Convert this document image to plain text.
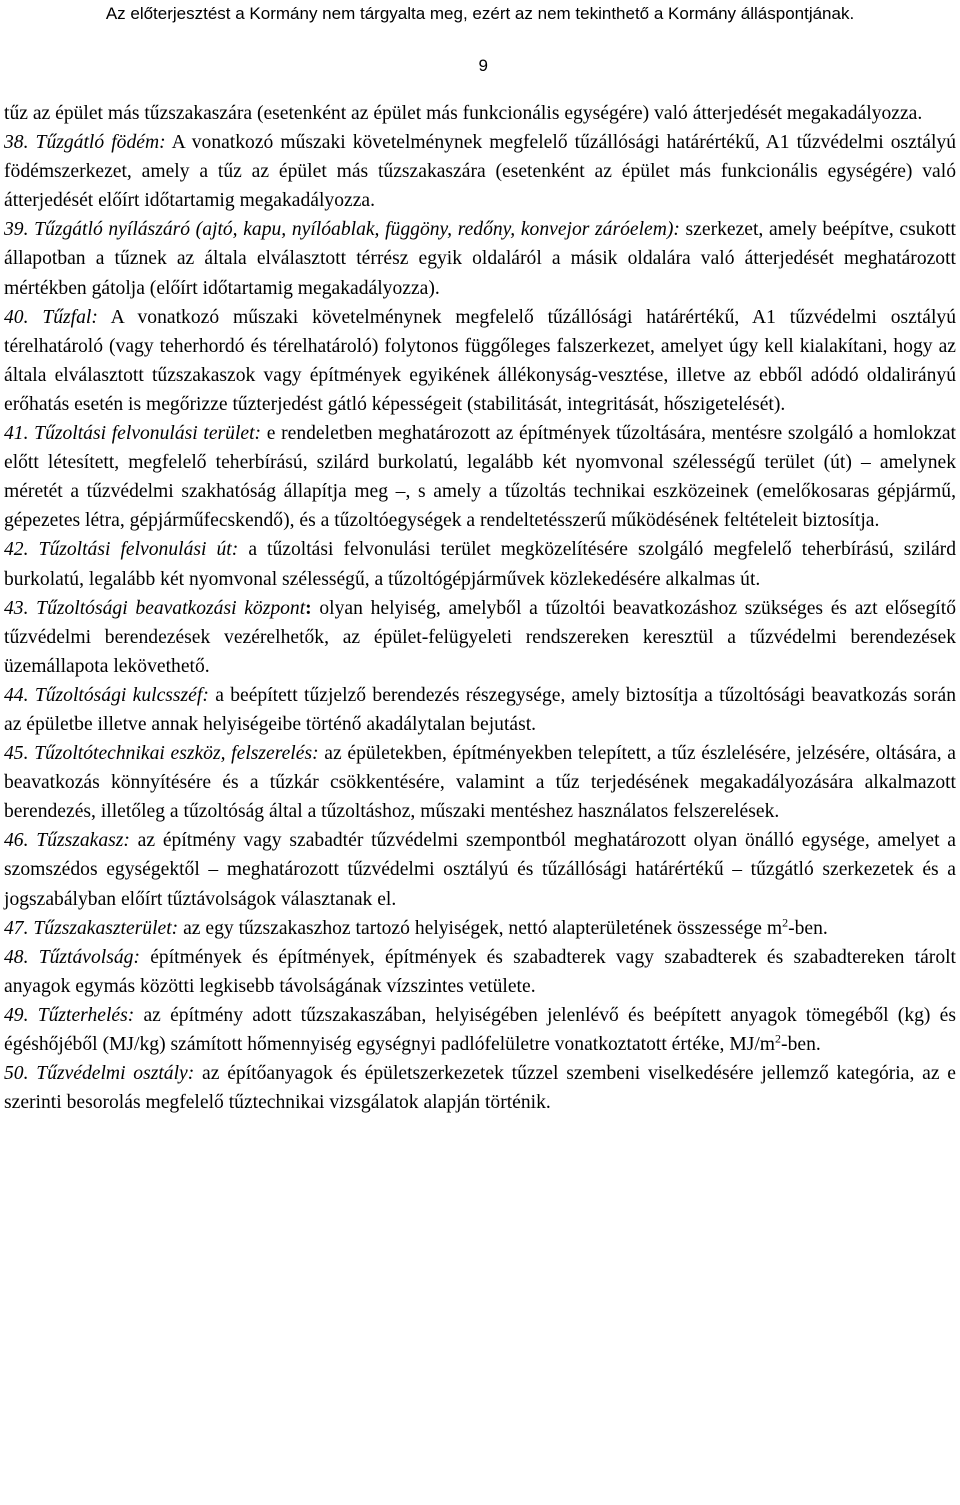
Az előterjesztést a Kormány nem tárgyalta meg, ezért az nem tekinthető a Kormány álláspontjának.
9

tűz az épület más tűzszakaszára (esetenként az épület más funkcionális egységére) való átterjedését megakadályozza.

38. Tűzgátló födém: A vonatkozó műszaki követelménynek megfelelő tűzállósági határértékű, A1 tűzvédelmi osztályú födémszerkezet, amely a tűz az épület más tűzszakaszára (esetenként az épület más funkcionális egységére) való átterjedését előírt időtartamig megakadályozza.

39. Tűzgátló nyílászáró (ajtó, kapu, nyílóablak, függöny, redőny, konvejor záróelem): szerkezet, amely beépítve, csukott állapotban a tűznek az általa elválasztott térrész egyik oldaláról a másik oldalára való átterjedését meghatározott mértékben gátolja (előírt időtartamig megakadályozza).

40. Tűzfal: A vonatkozó műszaki követelménynek megfelelő tűzállósági határértékű, A1 tűzvédelmi osztályú térelhatároló (vagy teherhordó és térelhatároló) folytonos függőleges falszerkezet, amelyet úgy kell kialakítani, hogy az általa elválasztott tűzszakaszok vagy építmények egyikének állékonyság-vesztése, illetve az ebből adódó oldalirányú erőhatás esetén is megőrizze tűzterjedést gátló képességeit (stabilitását, integritását, hőszigetelését).

41. Tűzoltási felvonulási terület: e rendeletben meghatározott az építmények tűzoltására, mentésre szolgáló a homlokzat előtt létesített, megfelelő teherbírású, szilárd burkolatú, legalább két nyomvonal szélességű terület (út) – amelynek méretét a tűzvédelmi szakhatóság állapítja meg –, s amely a tűzoltás technikai eszközeinek (emelőkosaras gépjármű, gépezetes létra, gépjárműfecskendő), és a tűzoltóegységek a rendeltetésszerű működésének feltételeit biztosítja.

42. Tűzoltási felvonulási út: a tűzoltási felvonulási terület megközelítésére szolgáló megfelelő teherbírású, szilárd burkolatú, legalább két nyomvonal szélességű, a tűzoltógépjárművek közlekedésére alkalmas út.

43. Tűzoltósági beavatkozási központ: olyan helyiség, amelyből a tűzoltói beavatkozáshoz szükséges és azt elősegítő tűzvédelmi berendezések vezérelhetők, az épület-felügyeleti rendszereken keresztül a tűzvédelmi berendezések üzemállapota lekövethető.

44. Tűzoltósági kulcsszéf: a beépített tűzjelző berendezés részegysége, amely biztosítja a tűzoltósági beavatkozás során az épületbe illetve annak helyiségeibe történő akadálytalan bejutást.

45. Tűzoltótechnikai eszköz, felszerelés: az épületekben, építményekben telepített, a tűz észlelésére, jelzésére, oltására, a beavatkozás könnyítésére és a tűzkár csökkentésére, valamint a tűz terjedésének megakadályozására alkalmazott berendezés, illetőleg a tűzoltóság által a tűzoltáshoz, műszaki mentéshez használatos felszerelések.

46. Tűzszakasz: az építmény vagy szabadtér tűzvédelmi szempontból meghatározott olyan önálló egysége, amelyet a szomszédos egységektől – meghatározott tűzvédelmi osztályú és tűzállósági határértékű – tűzgátló szerkezetek és a jogszabályban előírt tűztávolságok választanak el.

47. Tűzszakaszterület: az egy tűzszakaszhoz tartozó helyiségek, nettó alapterületének összessége $m^2$-ben.

48. Tűztávolság: építmények és építmények, építmények és szabadterek vagy szabadterek és szabadtereken tárolt anyagok egymás közötti legkisebb távolságának vízszintes vetülete.

49. Tűzterhelés: az építmény adott tűzszakaszában, helyiségében jelenlévő és beépített anyagok tömegéből (kg) és égéshőjéből (MJ/kg) számított hőmennyiség egységnyi padlófelületre vonatkoztatott értéke, $MJ/m^2$-ben.

50. Tűzvédelmi osztály: az építőanyagok és épületszerkezetek tűzzel szembeni viselkedésére jellemző kategória, az e szerinti besorolás megfelelő tűztechnikai vizsgálatok alapján történik.
